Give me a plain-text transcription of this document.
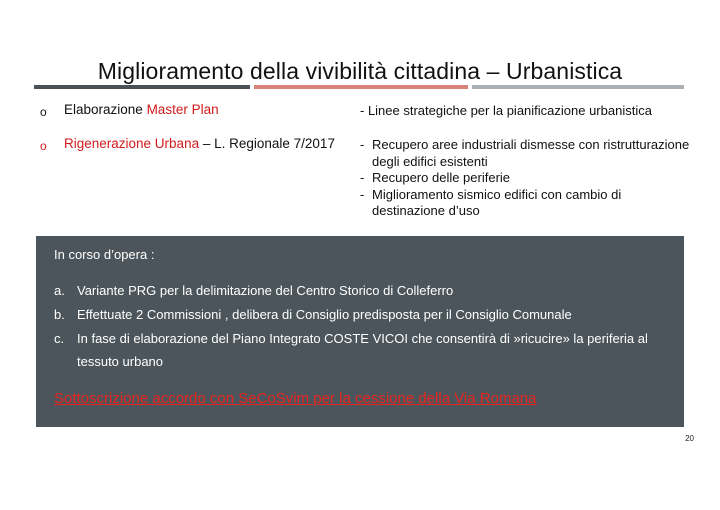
Miglioramento della vivibilità cittadina – Urbanistica
o Elaborazione Master Plan
o Rigenerazione Urbana – L. Regionale 7/2017
- Linee strategiche per la pianificazione urbanistica
- Recupero aree industriali dismesse con ristrutturazione degli edifici esistenti
- Recupero delle periferie
- Miglioramento sismico edifici con cambio di destinazione d’uso
In corso d’opera :
a. Variante PRG per la delimitazione del Centro Storico di Colleferro
b. Effettuate 2 Commissioni , delibera di Consiglio predisposta per il Consiglio Comunale
c. In fase di elaborazione del Piano Integrato COSTE VICOI che consentirà di »ricucire» la periferia al
tessuto urbano
Sottoscrizione accordo con SeCoSvim per la cessione della Via Romana
20
